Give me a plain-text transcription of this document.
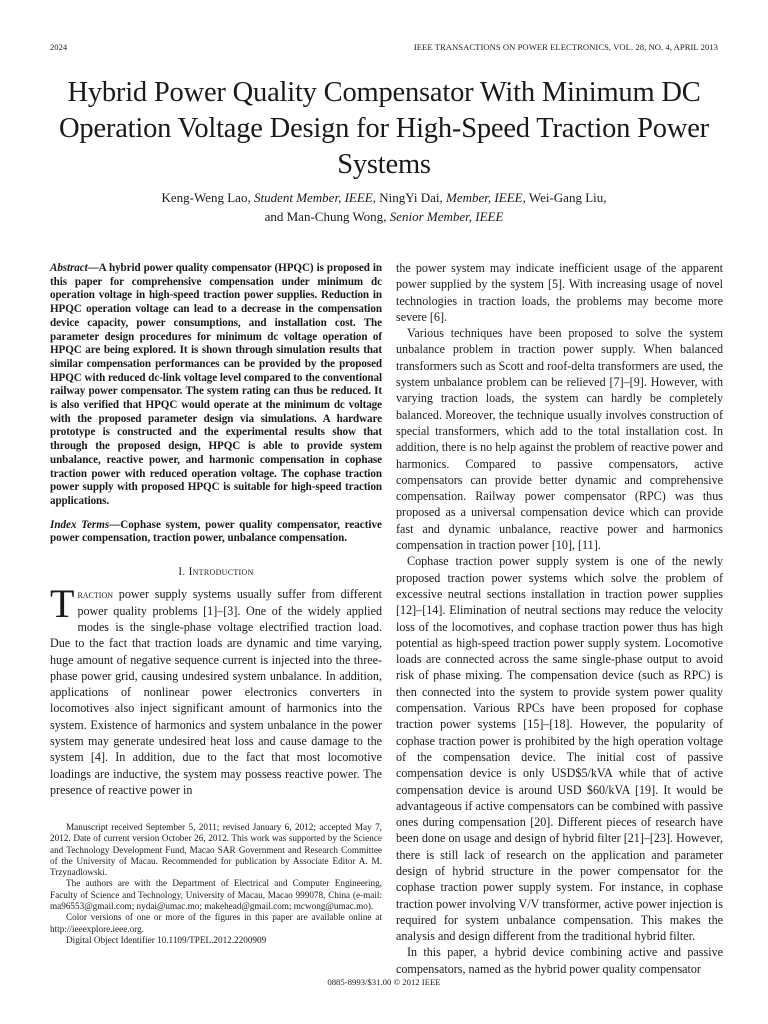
2024	IEEE TRANSACTIONS ON POWER ELECTRONICS, VOL. 28, NO. 4, APRIL 2013
Hybrid Power Quality Compensator With Minimum DC Operation Voltage Design for High-Speed Traction Power Systems
Keng-Weng Lao, Student Member, IEEE, NingYi Dai, Member, IEEE, Wei-Gang Liu,
and Man-Chung Wong, Senior Member, IEEE

Abstract—A hybrid power quality compensator (HPQC) is proposed in this paper for comprehensive compensation under minimum dc operation voltage in high-speed traction power supplies. Reduction in HPQC operation voltage can lead to a decrease in the compensation device capacity, power consumptions, and installation cost. The parameter design procedures for minimum dc voltage operation of HPQC are being explored. It is shown through simulation results that similar compensation performances can be provided by the proposed HPQC with reduced dc-link voltage level compared to the conventional railway power compensator. The system rating can thus be reduced. It is also verified that HPQC would operate at the minimum dc voltage with the proposed parameter design via simulations. A hardware prototype is constructed and the experimental results show that through the proposed design, HPQC is able to provide system unbalance, reactive power, and harmonic compensation in cophase traction power with reduced operation voltage. The cophase traction power supply with proposed HPQC is suitable for high-speed traction applications.

Index Terms—Cophase system, power quality compensator, reactive power compensation, traction power, unbalance compensation.

I. Introduction

Traction power supply systems usually suffer from different power quality problems [1]–[3]. One of the widely applied modes is the single-phase voltage electrified traction load. Due to the fact that traction loads are dynamic and time varying, huge amount of negative sequence current is injected into the three-phase power grid, causing undesired system unbalance. In addition, applications of nonlinear power electronics converters in locomotives also inject significant amount of harmonics into the system. Existence of harmonics and system unbalance in the power system may generate undesired heat loss and cause damage to the system [4]. In addition, due to the fact that most locomotive loadings are inductive, the system may possess reactive power. The presence of reactive power in

Manuscript received September 5, 2011; revised January 6, 2012; accepted May 7, 2012. Date of current version October 26, 2012. This work was supported by the Science and Technology Development Fund, Macao SAR Government and Research Committee of the University of Macau. Recommended for publication by Associate Editor A. M. Trzynadlowski.

The authors are with the Department of Electrical and Computer Engineering, Faculty of Science and Technology, University of Macau, Macao 999078, China (e-mail: ma96553@gmail.com; nydai@umac.mo; makehead@gmail.com; mcwong@umac.mo).

Color versions of one or more of the figures in this paper are available online at http://ieeexplore.ieee.org.

Digital Object Identifier 10.1109/TPEL.2012.2200909

the power system may indicate inefficient usage of the apparent power supplied by the system [5]. With increasing usage of novel technologies in traction loads, the problems may become more severe [6].

Various techniques have been proposed to solve the system unbalance problem in traction power supply. When balanced transformers such as Scott and roof-delta transformers are used, the system unbalance problem can be relieved [7]–[9]. However, with varying traction loads, the system can hardly be completely balanced. Moreover, the technique usually involves construction of special transformers, which add to the total installation cost. In addition, there is no help against the problem of reactive power and harmonics. Compared to passive compensators, active compensators can provide better dynamic and comprehensive compensation. Railway power compensator (RPC) was thus proposed as a universal compensation device which can provide fast and dynamic unbalance, reactive power and harmonics compensation in traction power [10], [11].

Cophase traction power supply system is one of the newly proposed traction power systems which solve the problem of excessive neutral sections installation in traction power supplies [12]–[14]. Elimination of neutral sections may reduce the velocity loss of the locomotives, and cophase traction power thus has high potential as high-speed traction power supply system. Locomotive loads are connected across the same single-phase output to avoid risk of phase mixing. The compensation device (such as RPC) is then connected into the system to provide system power quality compensation. Various RPCs have been proposed for cophase traction power systems [15]–[18]. However, the popularity of cophase traction power is prohibited by the high operation voltage of the compensation device. The initial cost of passive compensation device is only USD$5/kVA while that of active compensation device is around USD $60/kVA [19]. It would be advantageous if active compensators can be combined with passive ones during compensation [20]. Different pieces of research have been done on usage and design of hybrid filter [21]–[23]. However, there is still lack of research on the application and parameter design of hybrid structure in the power compensator for the cophase traction power supply system. For instance, in cophase traction power involving V/V transformer, active power injection is required for system unbalance compensation. This makes the analysis and design different from the traditional hybrid filter.

In this paper, a hybrid device combining active and passive compensators, named as the hybrid power quality compensator

0885-8993/$31.00 © 2012 IEEE
